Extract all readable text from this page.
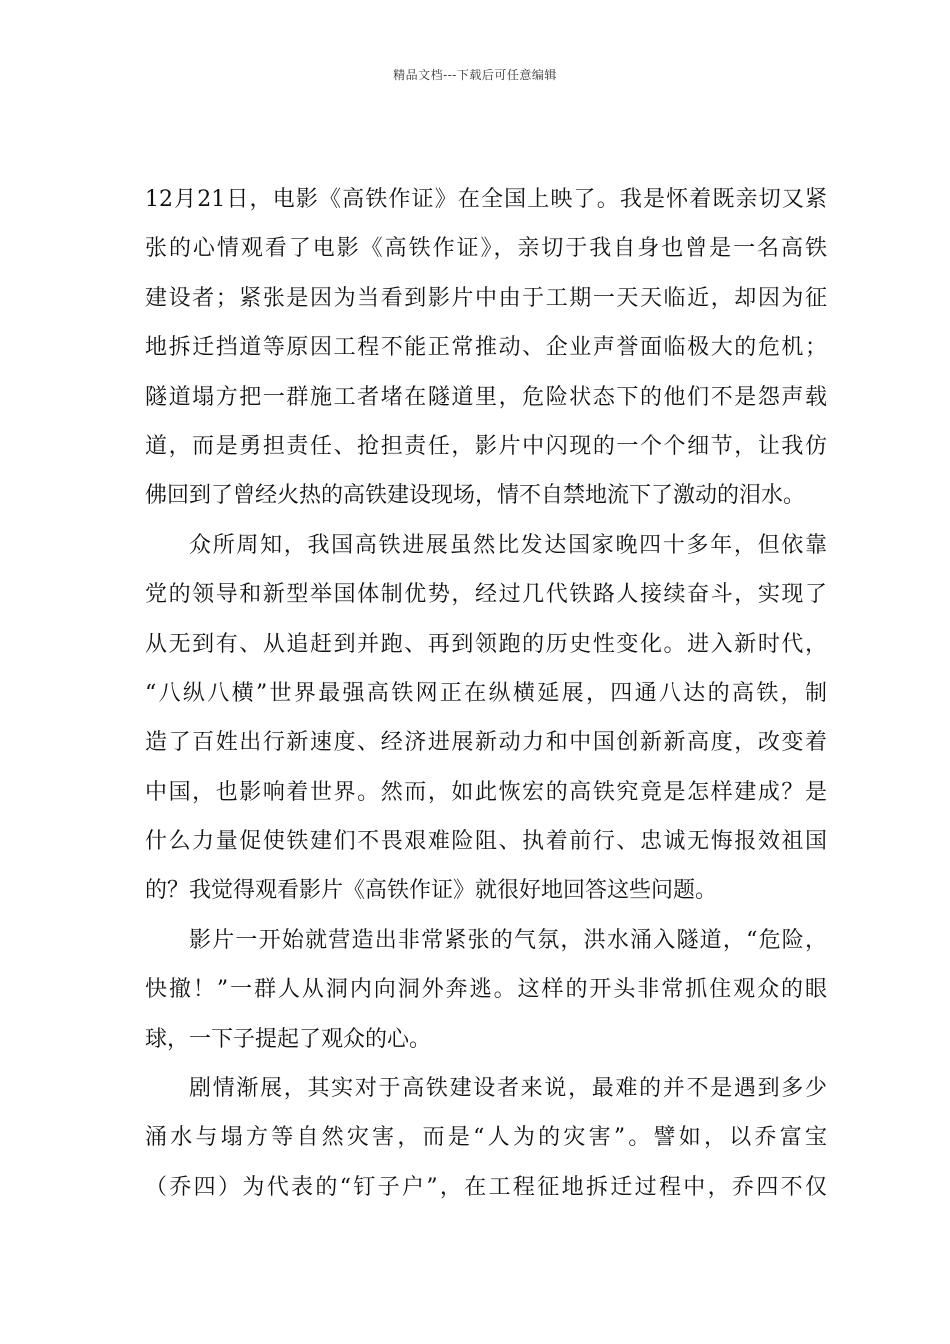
精品文档---下载后可任意编辑
12月21日，电影《高铁作证》在全国上映了。我是怀着既亲切又紧
张的心情观看了电影《高铁作证》，亲切于我自身也曾是一名高铁
建设者；紧张是因为当看到影片中由于工期一天天临近，却因为征
地拆迁挡道等原因工程不能正常推动、企业声誉面临极大的危机；
隧道塌方把一群施工者堵在隧道里，危险状态下的他们不是怨声载
道，而是勇担责任、抢担责任，影片中闪现的一个个细节，让我仿
佛回到了曾经火热的高铁建设现场，情不自禁地流下了激动的泪水。
众所周知，我国高铁进展虽然比发达国家晚四十多年，但依靠
党的领导和新型举国体制优势，经过几代铁路人接续奋斗，实现了
从无到有、从追赶到并跑、再到领跑的历史性变化。进入新时代，
“八纵八横”世界最强高铁网正在纵横延展，四通八达的高铁，制
造了百姓出行新速度、经济进展新动力和中国创新新高度，改变着
中国，也影响着世界。然而，如此恢宏的高铁究竟是怎样建成？是
什么力量促使铁建们不畏艰难险阻、执着前行、忠诚无悔报效祖国
的？我觉得观看影片《高铁作证》就很好地回答这些问题。
影片一开始就营造出非常紧张的气氛，洪水涌入隧道，“危险，
快撤！”一群人从洞内向洞外奔逃。这样的开头非常抓住观众的眼
球，一下子提起了观众的心。
剧情渐展，其实对于高铁建设者来说，最难的并不是遇到多少
涌水与塌方等自然灾害，而是“人为的灾害”。譬如，以乔富宝
（乔四）为代表的“钉子户”，在工程征地拆迁过程中，乔四不仅
